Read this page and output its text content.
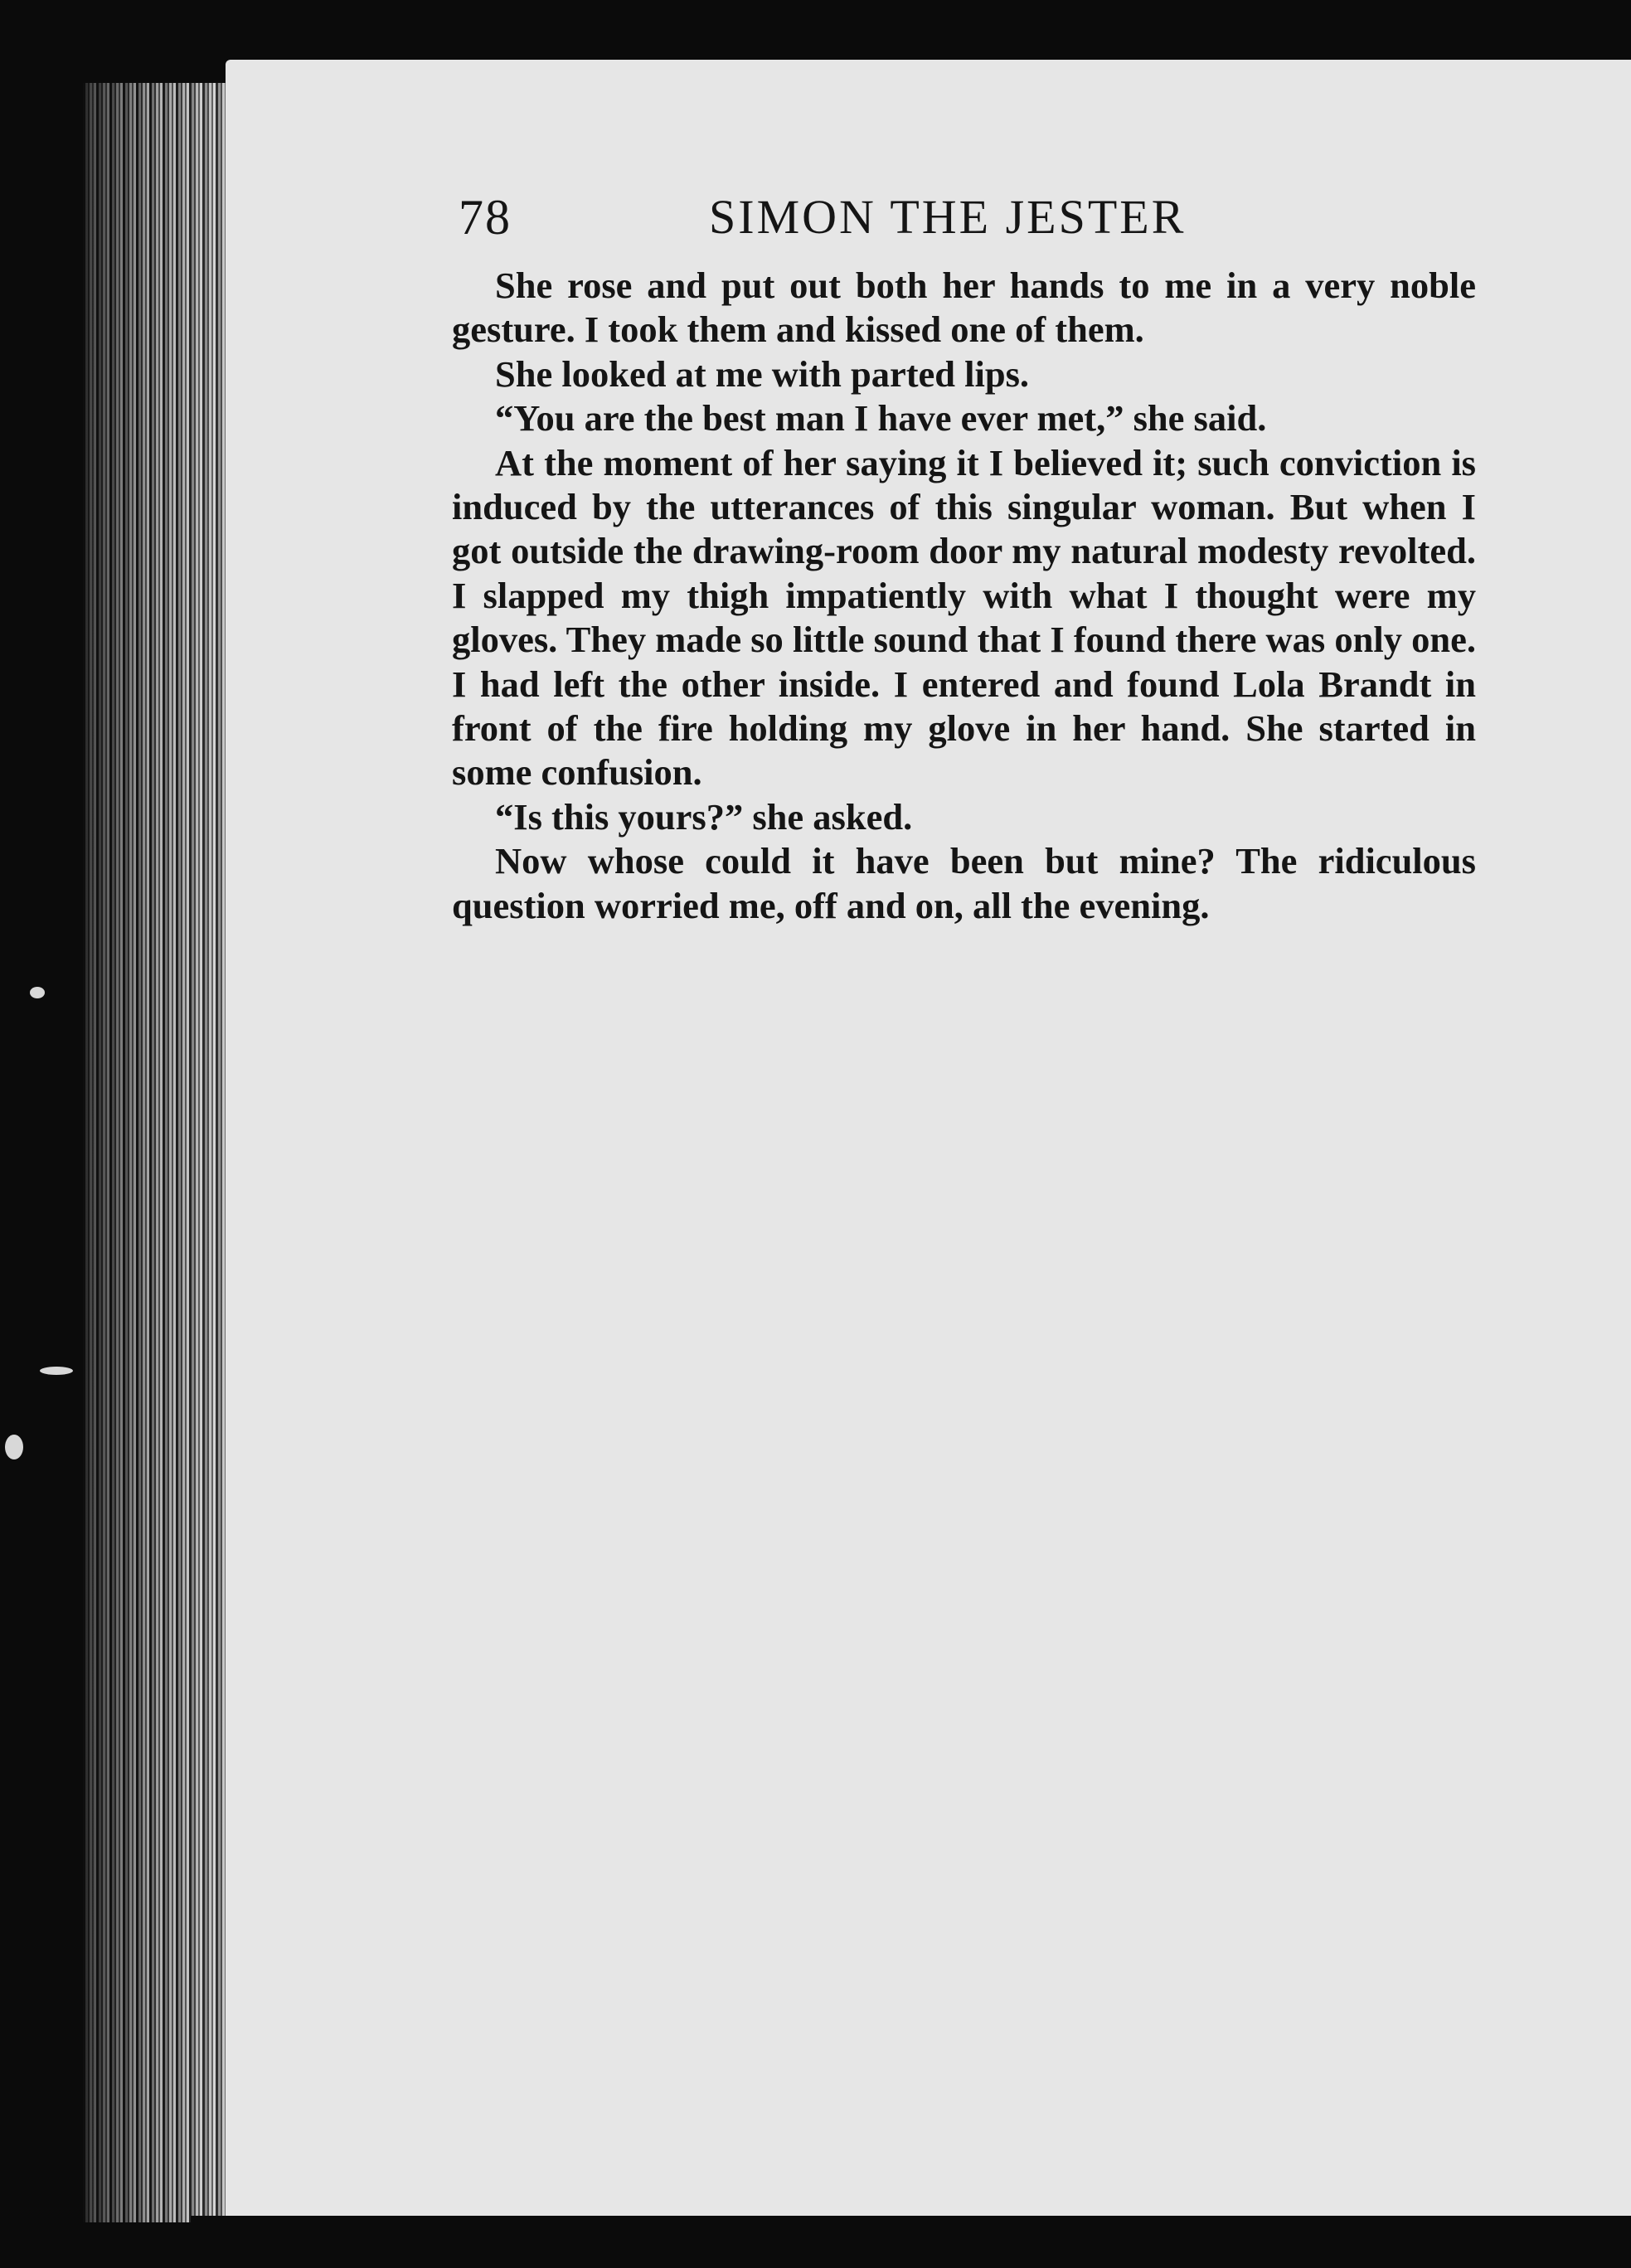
78	SIMON THE JESTER

She rose and put out both her hands to me in a very noble gesture. I took them and kissed one of them.

She looked at me with parted lips.

“You are the best man I have ever met,” she said.

At the moment of her saying it I believed it; such conviction is induced by the utterances of this singular woman. But when I got outside the drawing-room door my natural modesty revolted. I slapped my thigh impatiently with what I thought were my gloves. They made so little sound that I found there was only one. I had left the other inside. I entered and found Lola Brandt in front of the fire holding my glove in her hand. She started in some confusion.

“Is this yours?” she asked.

Now whose could it have been but mine? The ridiculous question worried me, off and on, all the evening.
